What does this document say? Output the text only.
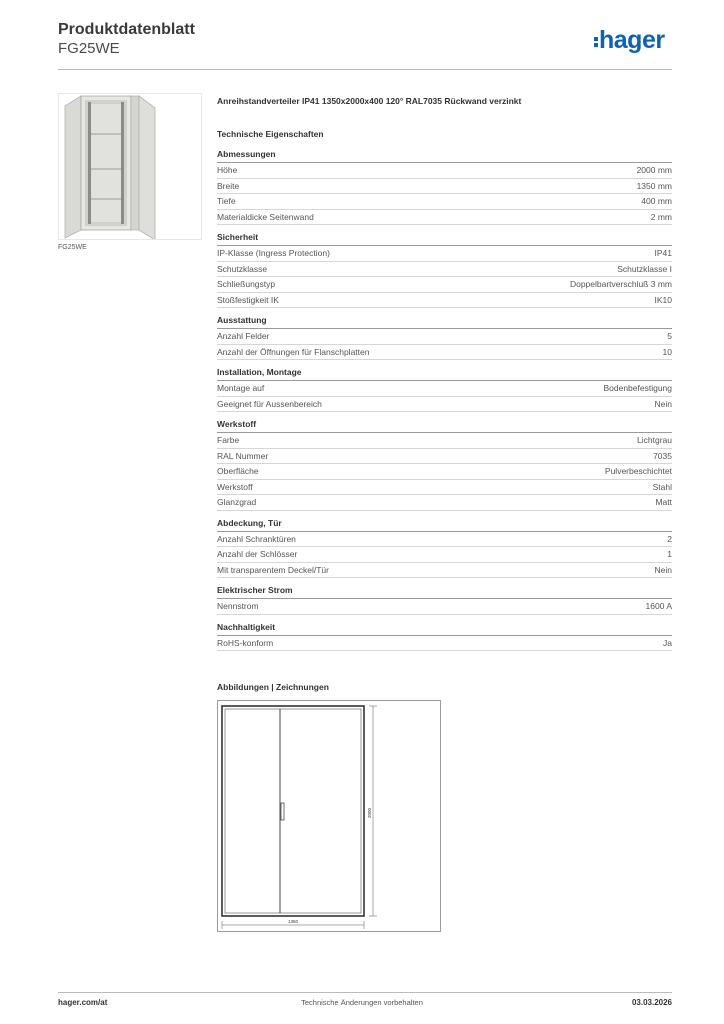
Produktdatenblatt
FG25WE	hager
FG25WE
Anreihstandverteiler IP41 1350x2000x400 120° RAL7035 Rückwand verzinkt
Technische Eigenschaften
Abmessungen
Höhe	2000 mm
Breite	1350 mm
Tiefe	400 mm
Materialdicke Seitenwand	2 mm
Sicherheit
IP-Klasse (Ingress Protection)	IP41
Schutzklasse	Schutzklasse I
Schließungstyp	Doppelbartverschluß 3 mm
Stoßfestigkeit IK	IK10
Ausstattung
Anzahl Felder	5
Anzahl der Öffnungen für Flanschplatten	10
Installation, Montage
Montage auf	Bodenbefestigung
Geeignet für Aussenbereich	Nein
Werkstoff
Farbe	Lichtgrau
RAL Nummer	7035
Oberfläche	Pulverbeschichtet
Werkstoff	Stahl
Glanzgrad	Matt
Abdeckung, Tür
Anzahl Schranktüren	2
Anzahl der Schlösser	1
Mit transparentem Deckel/Tür	Nein
Elektrischer Strom
Nennstrom	1600 A
Nachhaltigkeit
RoHS-konform	Ja
Abbildungen | Zeichnungen
2000
1350
hager.com/at	Technische Änderungen vorbehalten	03.03.2026
